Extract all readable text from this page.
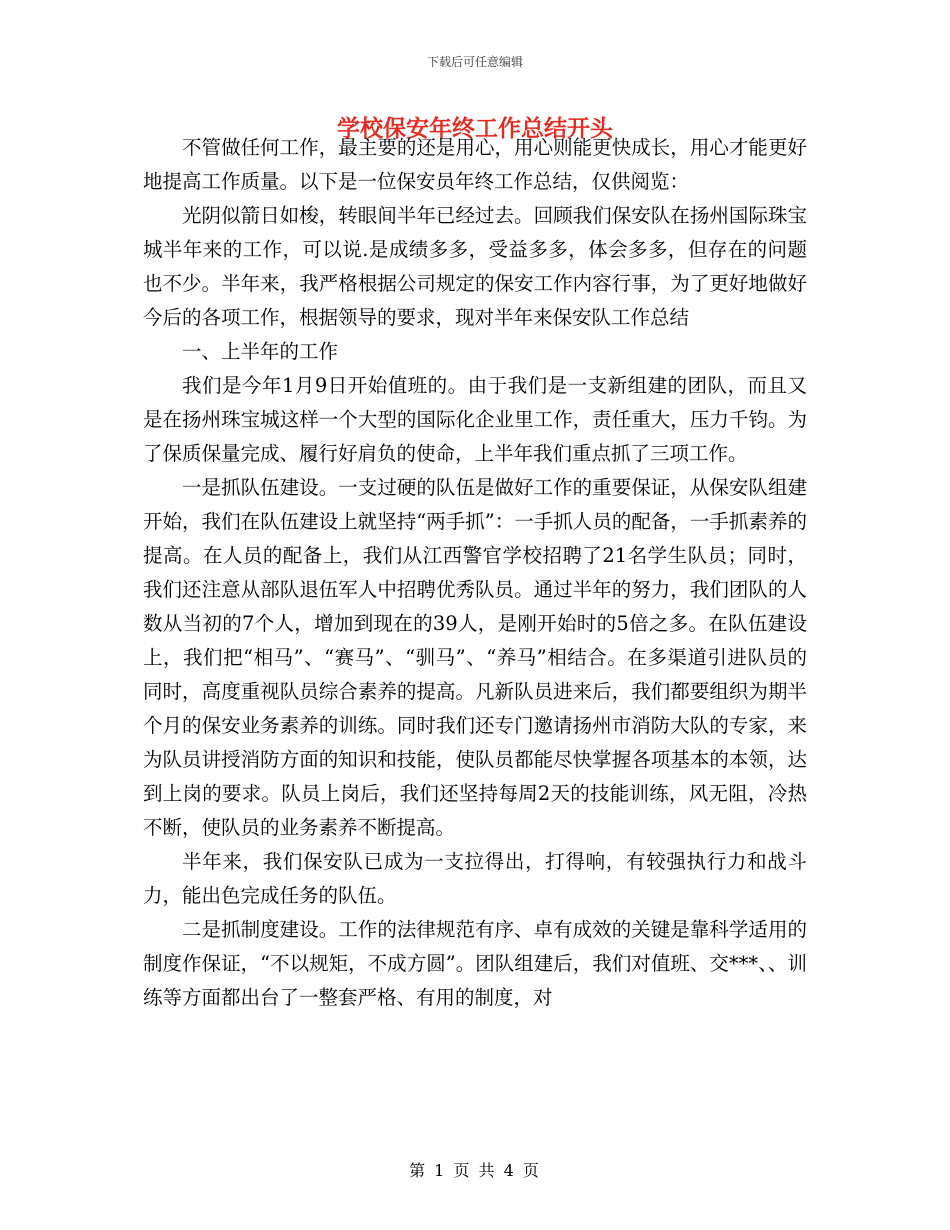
下载后可任意编辑
学校保安年终工作总结开头

不管做任何工作，最主要的还是用心，用心则能更快成长，用心才能更好地提高工作质量。以下是一位保安员年终工作总结，仅供阅览：

光阴似箭日如梭，转眼间半年已经过去。回顾我们保安队在扬州国际珠宝城半年来的工作，可以说.是成绩多多，受益多多，体会多多，但存在的问题也不少。半年来，我严格根据公司规定的保安工作内容行事，为了更好地做好今后的各项工作，根据领导的要求，现对半年来保安队工作总结

一、上半年的工作

我们是今年1月9日开始值班的。由于我们是一支新组建的团队，而且又是在扬州珠宝城这样一个大型的国际化企业里工作，责任重大，压力千钧。为了保质保量完成、履行好肩负的使命，上半年我们重点抓了三项工作。

一是抓队伍建设。一支过硬的队伍是做好工作的重要保证，从保安队组建开始，我们在队伍建设上就坚持“两手抓”：一手抓人员的配备，一手抓素养的提高。在人员的配备上，我们从江西警官学校招聘了21名学生队员；同时，我们还注意从部队退伍军人中招聘优秀队员。通过半年的努力，我们团队的人数从当初的7个人，增加到现在的39人，是刚开始时的5倍之多。在队伍建设上，我们把“相马”、“赛马”、“驯马”、“养马”相结合。在多渠道引进队员的同时，高度重视队员综合素养的提高。凡新队员进来后，我们都要组织为期半个月的保安业务素养的训练。同时我们还专门邀请扬州市消防大队的专家，来为队员讲授消防方面的知识和技能，使队员都能尽快掌握各项基本的本领，达到上岗的要求。队员上岗后，我们还坚持每周2天的技能训练，风无阻，冷热不断，使队员的业务素养不断提高。

半年来，我们保安队已成为一支拉得出，打得响，有较强执行力和战斗力，能出色完成任务的队伍。

二是抓制度建设。工作的法律规范有序、卓有成效的关键是靠科学适用的制度作保证，“不以规矩，不成方圆”。团队组建后，我们对值班、交***、、训练等方面都出台了一整套严格、有用的制度，对

第 1 页 共 4 页
